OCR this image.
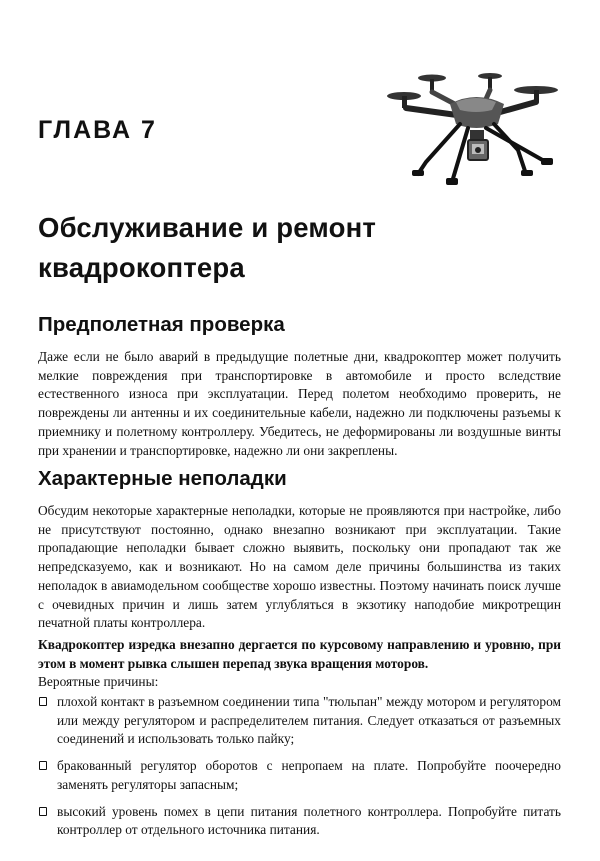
ГЛАВА 7
Обслуживание и ремонт квадрокоптера
Предполетная проверка

Даже если не было аварий в предыдущие полетные дни, квадрокоптер может получить мелкие повреждения при транспортировке в автомобиле и просто вследствие естественного износа при эксплуатации. Перед полетом необходимо проверить, не повреждены ли антенны и их соединительные кабели, надежно ли подключены разъемы к приемнику и полетному контроллеру. Убедитесь, не деформированы ли воздушные винты при хранении и транспортировке, надежно ли они закреплены.

Характерные неполадки

Обсудим некоторые характерные неполадки, которые не проявляются при настройке, либо не присутствуют постоянно, однако внезапно возникают при эксплуатации. Такие пропадающие неполадки бывает сложно выявить, поскольку они пропадают так же непредсказуемо, как и возникают. Но на самом деле причины большинства из таких неполадок в авиамодельном сообществе хорошо известны. Поэтому начинать поиск лучше с очевидных причин и лишь затем углубляться в экзотику наподобие микротрещин печатной платы контроллера.

Квадрокоптер изредка внезапно дергается по курсовому направлению и уровню, при этом в момент рывка слышен перепад звука вращения моторов.

Вероятные причины:

плохой контакт в разъемном соединении типа "тюльпан" между мотором и регулятором или между регулятором и распределителем питания. Следует отказаться от разъемных соединений и использовать только пайку;
бракованный регулятор оборотов с непропаем на плате. Попробуйте поочередно заменять регуляторы запасным;
высокий уровень помех в цепи питания полетного контроллера. Попробуйте питать контроллер от отдельного источника питания.
